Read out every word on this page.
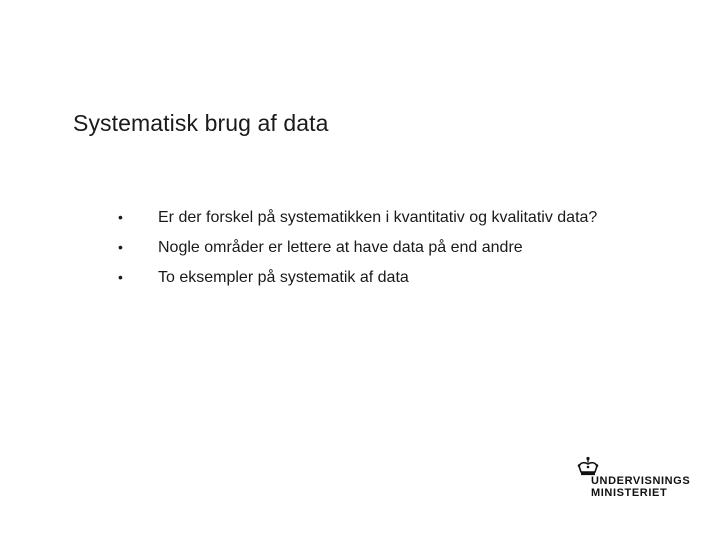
Systematisk brug af data
•	Er der forskel på systematikken i kvantitativ og kvalitativ data?
•	Nogle områder er lettere at have data på end andre
•	To eksempler på systematik af data
UNDERVISNINGS
MINISTERIET
